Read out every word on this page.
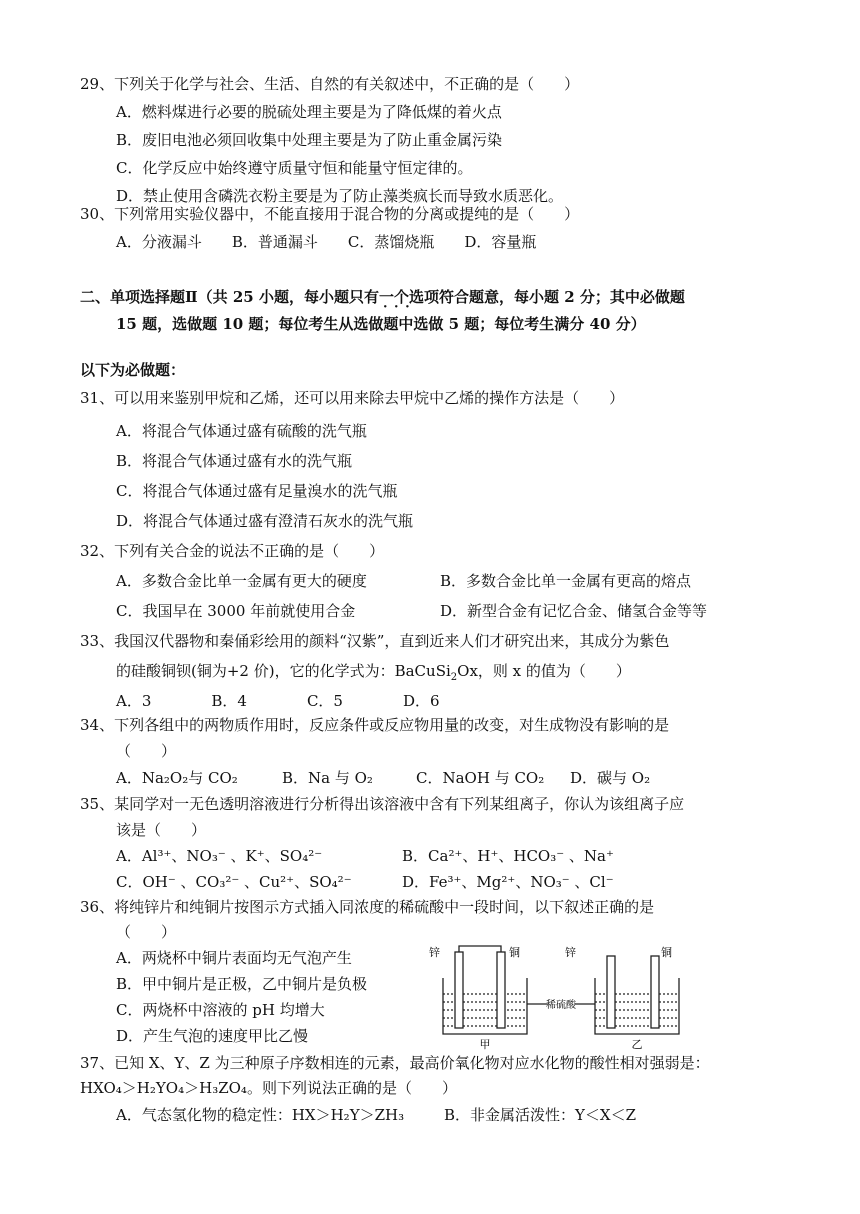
29、下列关于化学与社会、生活、自然的有关叙述中，不正确的是（　　）
A．燃料煤进行必要的脱硫处理主要是为了降低煤的着火点
B．废旧电池必须回收集中处理主要是为了防止重金属污染
C．化学反应中始终遵守质量守恒和能量守恒定律的。
D．禁止使用含磷洗衣粉主要是为了防止藻类疯长而导致水质恶化。
30、下列常用实验仪器中，不能直接用于混合物的分离或提纯的是（　　）
A．分液漏斗　　B．普通漏斗　　C．蒸馏烧瓶　　D．容量瓶
二、单项选择题Ⅱ（共 25 小题，每小题只有一个 · · ·选项符合题意，每小题 2 分；其中必做题
15 题，选做题 10 题；每位考生从选做题中选做 5 题；每位考生满分 40 分）
以下为必做题：
31、可以用来鉴别甲烷和乙烯，还可以用来除去甲烷中乙烯的操作方法是（　　）
A．将混合气体通过盛有硫酸的洗气瓶
B．将混合气体通过盛有水的洗气瓶
C．将混合气体通过盛有足量溴水的洗气瓶
D．将混合气体通过盛有澄清石灰水的洗气瓶
32、下列有关合金的说法不正确的是（　　）
A．多数合金比单一金属有更大的硬度	B．多数合金比单一金属有更高的熔点
C．我国早在 3000 年前就使用合金	D．新型合金有记忆合金、储氢合金等等
33、我国汉代器物和秦俑彩绘用的颜料“汉紫”，直到近来人们才研究出来，其成分为紫色
的硅酸铜钡(铜为+2 价)，它的化学式为：BaCuSi$_2$Ox，则 x 的值为（　　）
A．3　　　　B．4　　　　C．5　　　　D．6
34、下列各组中的两物质作用时，反应条件或反应物用量的改变，对生成物没有影响的是
（　　）
A．Na₂O₂与 CO₂	B．Na 与 O₂	C．NaOH 与 CO₂ D．碳与 O₂
35、某同学对一无色透明溶液进行分析得出该溶液中含有下列某组离子，你认为该组离子应
该是（　　）
A．Al³⁺、NO₃⁻ 、K⁺、SO₄²⁻	B．Ca²⁺、H⁺、HCO₃⁻ 、Na⁺
C．OH⁻ 、CO₃²⁻ 、Cu²⁺、SO₄²⁻	D．Fe³⁺、Mg²⁺、NO₃⁻ 、Cl⁻
36、将纯锌片和纯铜片按图示方式插入同浓度的稀硫酸中一段时间，以下叙述正确的是
（　　）
A．两烧杯中铜片表面均无气泡产生
B．甲中铜片是正极，乙中铜片是负极
C．两烧杯中溶液的 pH 均增大
D．产生气泡的速度甲比乙慢
锌	铜	锌	铜
稀硫酸
甲	乙
37、已知 X、Y、Z 为三种原子序数相连的元素，最高价氧化物对应水化物的酸性相对强弱是：
HXO₄＞H₂YO₄＞H₃ZO₄。则下列说法正确的是（　　）
A．气态氢化物的稳定性：HX＞H₂Y＞ZH₃	B．非金属活泼性：Y＜X＜Z
